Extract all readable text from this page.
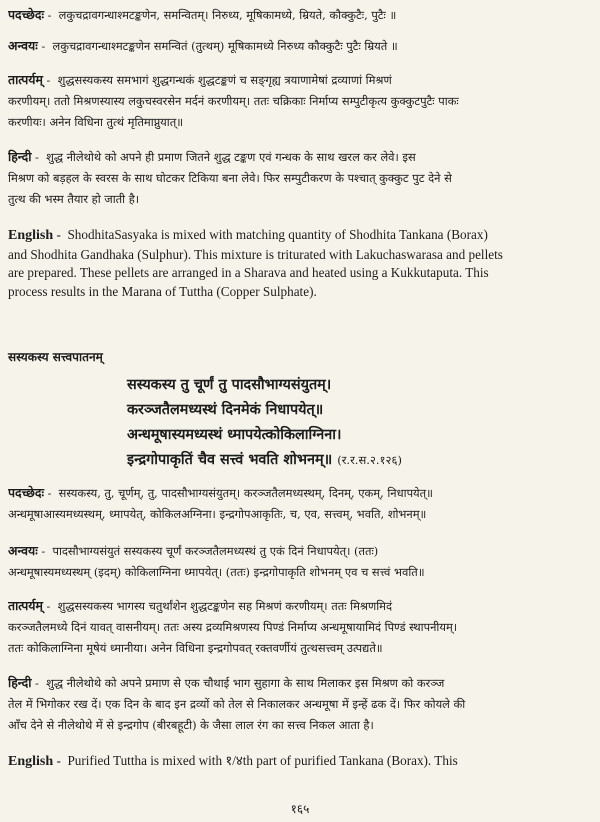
पदच्छेदः -  लकुचद्रावगन्धाश्मटङ्कणेन, समन्वितम्। निरुध्य, मूषिकामध्ये, म्रियते, कौक्कुटैः, पुटैः ॥
अन्वयः -  लकुचद्रावगन्धाश्मटङ्कणेन समन्वितं (तुत्थम्) मूषिकामध्ये निरुध्य कौक्कुटैः पुटैः म्रियते ॥
तात्पर्यम् -  शुद्धसस्यकस्य समभागं शुद्धगन्धकं शुद्धटङ्कणं च सङ्गृह्य त्रयाणामेषां द्रव्याणां मिश्रणं
करणीयम्। ततो मिश्रणस्यास्य लकुचस्वरसेन मर्दनं करणीयम्। ततः चक्रिकाः निर्माप्य सम्पुटीकृत्य कुक्कुटपुटैः पाकः
करणीयः। अनेन विधिना तुत्थं मृतिमाप्नुयात्॥
हिन्दी -  शुद्ध नीलेथोथे को अपने ही प्रमाण जितने शुद्ध टङ्कण एवं गन्धक के साथ खरल कर लेवे। इस
मिश्रण को बड़हल के स्वरस के साथ घोटकर टिकिया बना लेवे। फिर सम्पुटीकरण के पश्चात् कुक्कुट पुट देने से
तुत्थ की भस्म तैयार हो जाती है।
English -  ShodhitaSasyaka is mixed with matching quantity of Shodhita Tankana (Borax)
and Shodhita Gandhaka (Sulphur). This mixture is triturated with Lakuchaswarasa and pellets
are prepared. These pellets are arranged in a Sharava and heated using a Kukkutaputa. This
process results in the Marana of Tuttha (Copper Sulphate).
सस्यकस्य सत्त्वपातनम्
सस्यकस्य तु चूर्णं तु पादसौभाग्यसंयुतम्।
करञ्जतैलमध्यस्थं दिनमेकं निधापयेत्॥
अन्धमूषास्यमध्यस्थं ध्मापयेत्कोकिलाग्निना।
इन्द्रगोपाकृतिं चैव सत्त्वं भवति शोभनम्॥ (र.र.स.२.१२६)
पदच्छेदः -  सस्यकस्य, तु, चूर्णम्, तु, पादसौभाग्यसंयुतम्। करञ्जतैलमध्यस्थम्, दिनम्, एकम्, निधापयेत्॥
अन्धमूषाआस्यमध्यस्थम्, ध्मापयेत्, कोकिलअग्निना। इन्द्रगोपआकृतिः, च, एव, सत्त्वम्, भवति, शोभनम्॥
अन्वयः -  पादसौभाग्यसंयुतं सस्यकस्य चूर्णं करञ्जतैलमध्यस्थं तु एकं दिनं निधापयेत्। (ततः)
अन्धमूषास्यमध्यस्थम् (इदम्) कोकिलाग्निना ध्मापयेत्। (ततः) इन्द्रगोपाकृति शोभनम् एव च सत्त्वं भवति॥
तात्पर्यम् -  शुद्धसस्यकस्य भागस्य चतुर्थांशेन शुद्धटङ्कणेन सह मिश्रणं करणीयम्। ततः मिश्रणमिदं
करञ्जतैलमध्ये दिनं यावत् वासनीयम्। ततः अस्य द्रव्यमिश्रणस्य पिण्डं निर्माप्य अन्धमूषायामिदं पिण्डं स्थापनीयम्।
ततः कोकिलाग्निना मूषेयं ध्मानीया। अनेन विधिना इन्द्रगोपवत् रक्तवर्णीयं तुत्थसत्त्वम् उत्पद्यते॥
हिन्दी -  शुद्ध नीलेथोथे को अपने प्रमाण से एक चौथाई भाग सुहागा के साथ मिलाकर इस मिश्रण को करञ्ज
तेल में भिगोकर रख दें। एक दिन के बाद इन द्रव्यों को तेल से निकालकर अन्धमूषा में इन्हें ढक दें। फिर कोयले की
आँच देने से नीलेथोथे में से इन्द्रगोप (बीरबहूटी) के जैसा लाल रंग का सत्त्व निकल आता है।
English -  Purified Tuttha is mixed with १/४th part of purified Tankana (Borax). This
१६५
